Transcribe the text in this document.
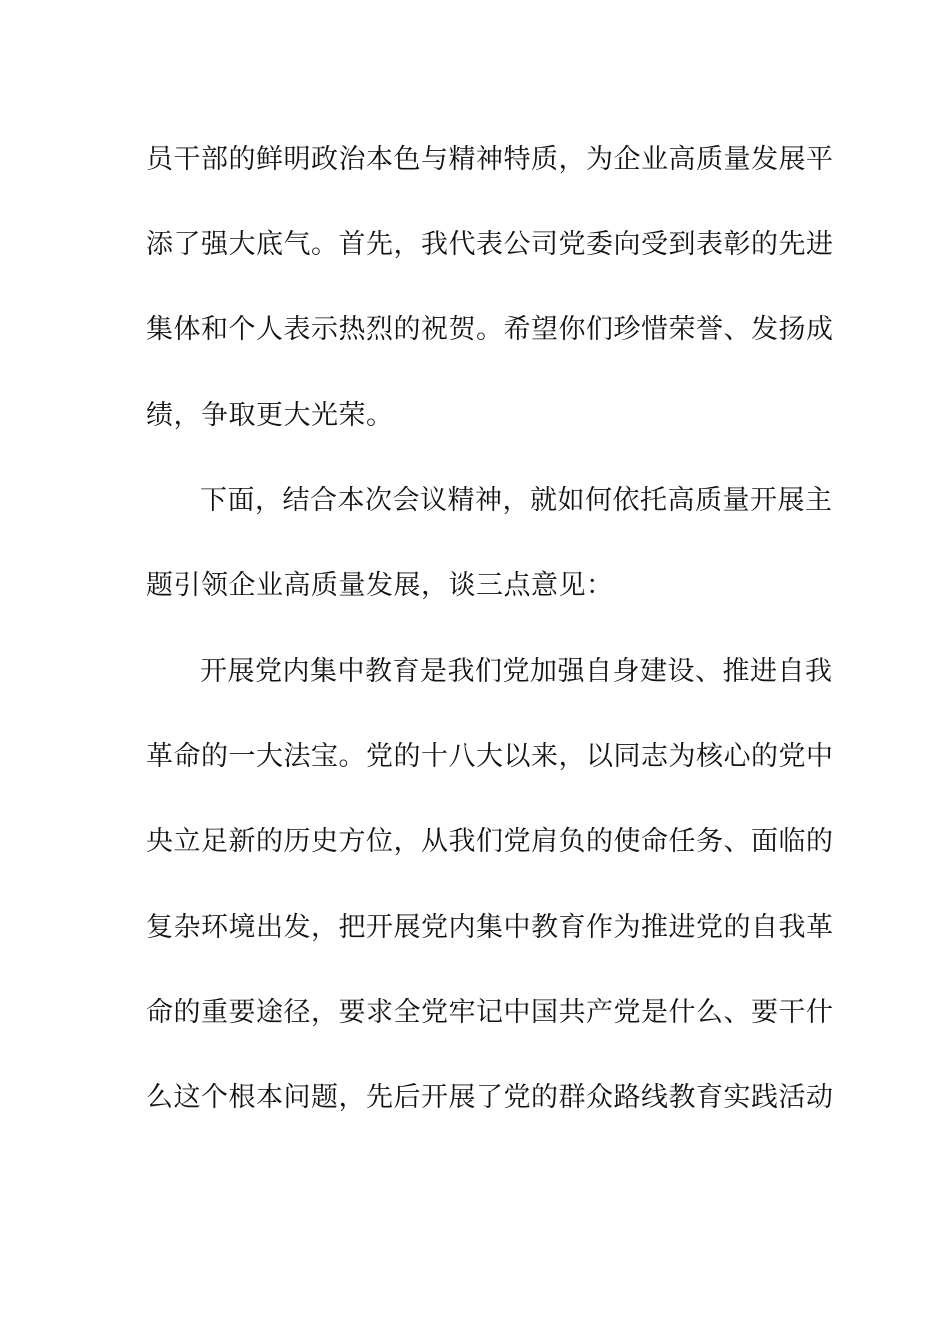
员干部的鲜明政治本色与精神特质，为企业高质量发展平
添了强大底气。首先，我代表公司党委向受到表彰的先进
集体和个人表示热烈的祝贺。希望你们珍惜荣誉、发扬成
绩，争取更大光荣。
下面，结合本次会议精神，就如何依托高质量开展主
题引领企业高质量发展，谈三点意见：
开展党内集中教育是我们党加强自身建设、推进自我
革命的一大法宝。党的十八大以来，以同志为核心的党中
央立足新的历史方位，从我们党肩负的使命任务、面临的
复杂环境出发，把开展党内集中教育作为推进党的自我革
命的重要途径，要求全党牢记中国共产党是什么、要干什
么这个根本问题，先后开展了党的群众路线教育实践活动
